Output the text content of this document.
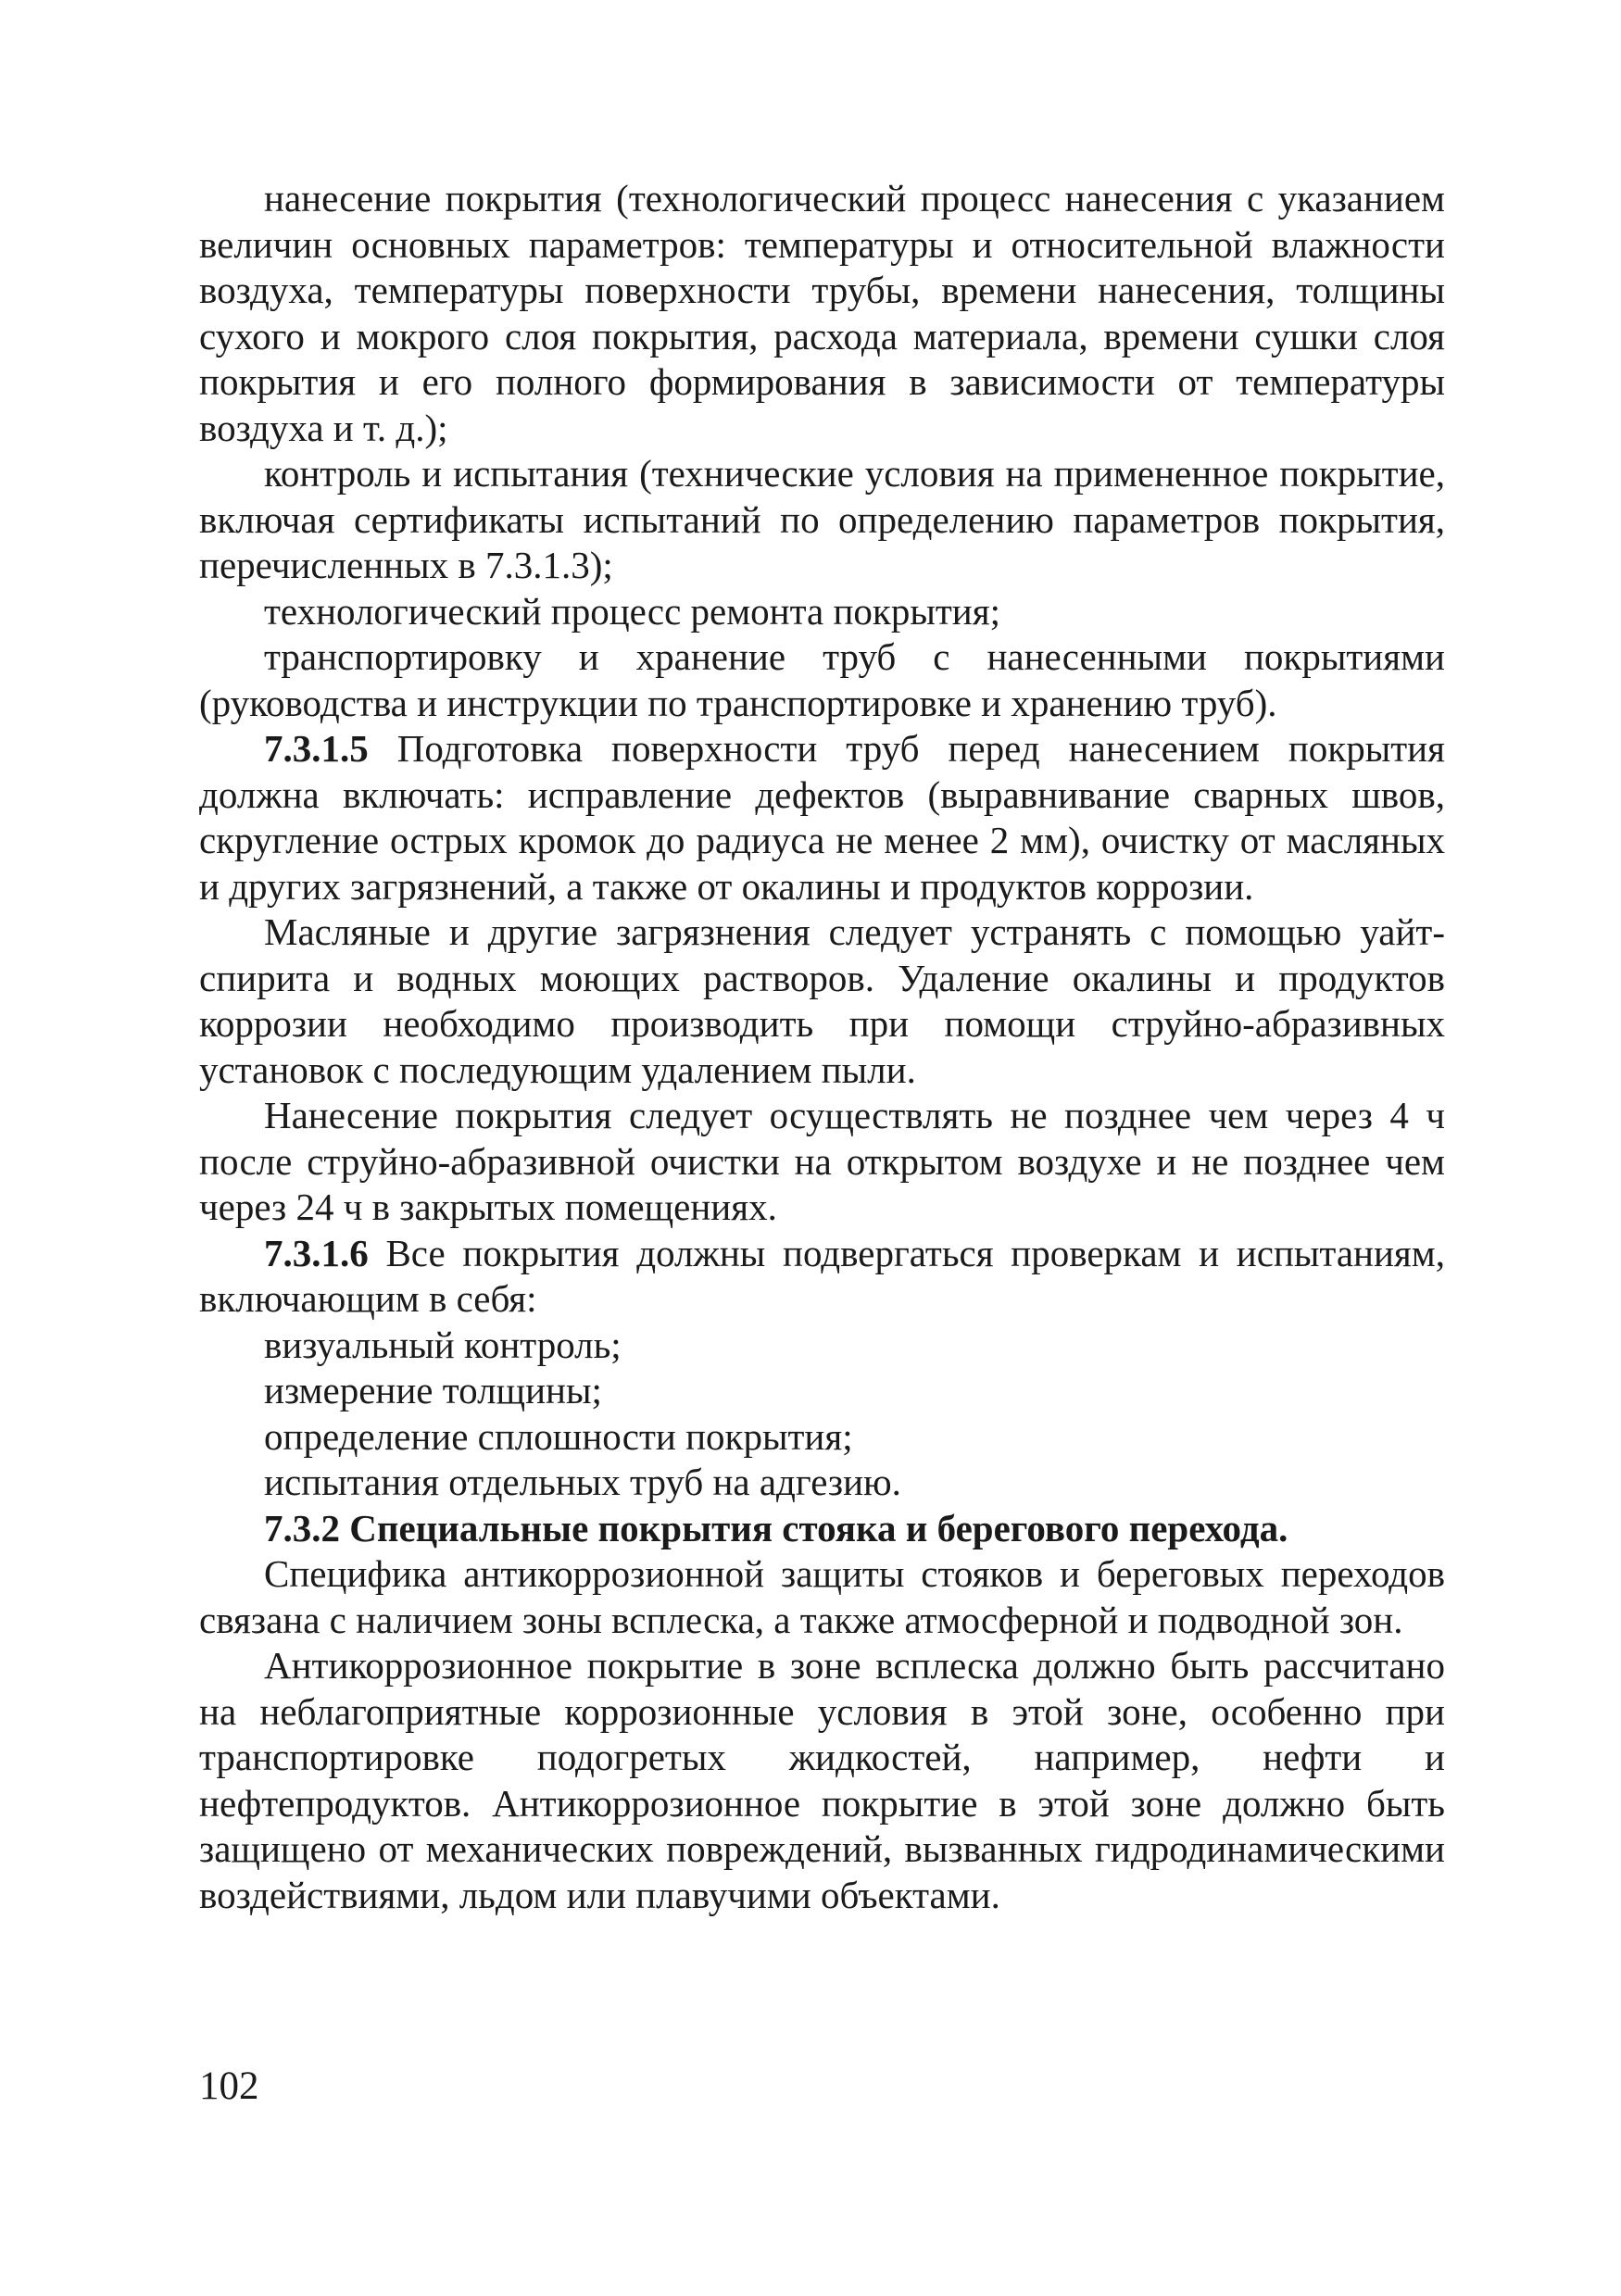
нанесение покрытия (технологический процесс нанесения с указанием величин основных параметров: температуры и относительной влажности воздуха, температуры поверхности трубы, времени нанесения, толщины сухого и мокрого слоя покрытия, расхода материала, времени сушки слоя покрытия и его полного формирования в зависимости от температуры воздуха и т. д.);

контроль и испытания (технические условия на примененное покрытие, включая сертификаты испытаний по определению параметров покрытия, перечисленных в 7.3.1.3);

технологический процесс ремонта покрытия;

транспортировку и хранение труб с нанесенными покрытиями (руководства и инструкции по транспортировке и хранению труб).

7.3.1.5 Подготовка поверхности труб перед нанесением покрытия должна включать: исправление дефектов (выравнивание сварных швов, скругление острых кромок до радиуса не менее 2 мм), очистку от масляных и других загрязнений, а также от окалины и продуктов коррозии.

Масляные и другие загрязнения следует устранять с помощью уайт-спирита и водных моющих растворов. Удаление окалины и продуктов коррозии необходимо производить при помощи струйно-абразивных установок с последующим удалением пыли.

Нанесение покрытия следует осуществлять не позднее чем через 4 ч после струйно-абразивной очистки на открытом воздухе и не позднее чем через 24 ч в закрытых помещениях.

7.3.1.6 Все покрытия должны подвергаться проверкам и испытаниям, включающим в себя:

визуальный контроль;

измерение толщины;

определение сплошности покрытия;

испытания отдельных труб на адгезию.

7.3.2 Специальные покрытия стояка и берегового перехода.

Специфика антикоррозионной защиты стояков и береговых переходов связана с наличием зоны всплеска, а также атмосферной и подводной зон.

Антикоррозионное покрытие в зоне всплеска должно быть рассчитано на неблагоприятные коррозионные условия в этой зоне, особенно при транспортировке подогретых жидкостей, например, нефти и нефтепродуктов. Антикоррозионное покрытие в этой зоне должно быть защищено от механических повреждений, вызванных гидродинамическими воздействиями, льдом или плавучими объектами.

102
